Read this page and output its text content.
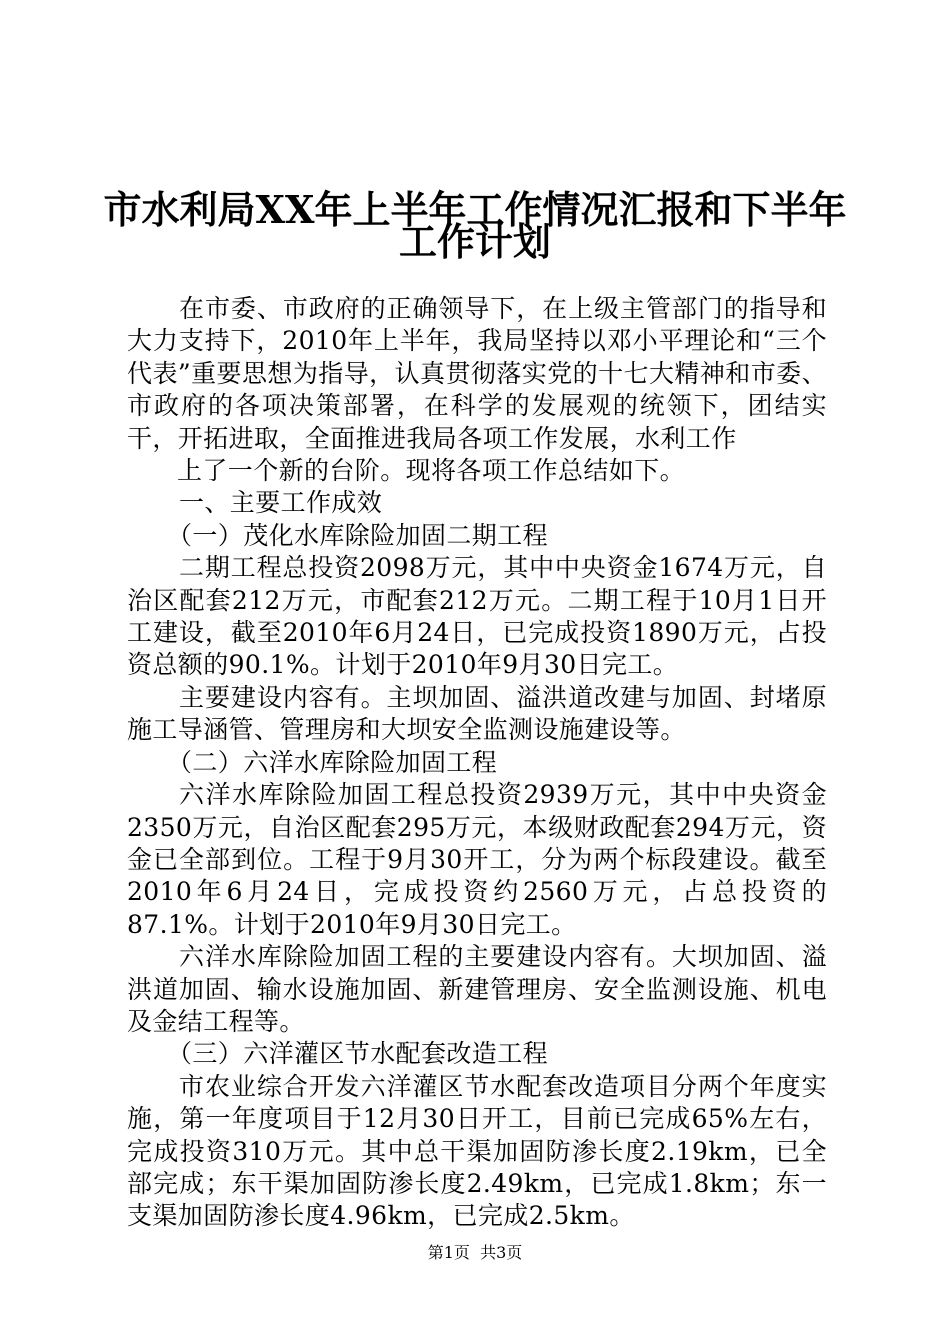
市水利局XX年上半年工作情况汇报和下半年
工作计划

在市委、市政府的正确领导下，在上级主管部门的指导和大力支持下，2010年上半年，我局坚持以邓小平理论和“三个代表”重要思想为指导，认真贯彻落实党的十七大精神和市委、市政府的各项决策部署，在科学的发展观的统领下，团结实干，开拓进取，全面推进我局各项工作发展，水利工作

上了一个新的台阶。现将各项工作总结如下。

一、主要工作成效

（一）茂化水库除险加固二期工程

二期工程总投资2098万元，其中中央资金1674万元，自治区配套212万元，市配套212万元。二期工程于10月1日开工建设，截至2010年6月24日，已完成投资1890万元，占投资总额的90.1%。计划于2010年9月30日完工。

主要建设内容有。主坝加固、溢洪道改建与加固、封堵原施工导涵管、管理房和大坝安全监测设施建设等。

（二）六洋水库除险加固工程

六洋水库除险加固工程总投资2939万元，其中中央资金2350万元，自治区配套295万元，本级财政配套294万元，资金已全部到位。工程于9月30开工，分为两个标段建设。截至2010年6月24日，完成投资约2560万元，占总投资的87.1%。计划于2010年9月30日完工。

六洋水库除险加固工程的主要建设内容有。大坝加固、溢洪道加固、输水设施加固、新建管理房、安全监测设施、机电及金结工程等。

（三）六洋灌区节水配套改造工程

市农业综合开发六洋灌区节水配套改造项目分两个年度实施，第一年度项目于12月30日开工，目前已完成65%左右，完成投资310万元。其中总干渠加固防渗长度2.19km，已全部完成；东干渠加固防渗长度2.49km，已完成1.8km；东一支渠加固防渗长度4.96km，已完成2.5km。

第1页  共3页
